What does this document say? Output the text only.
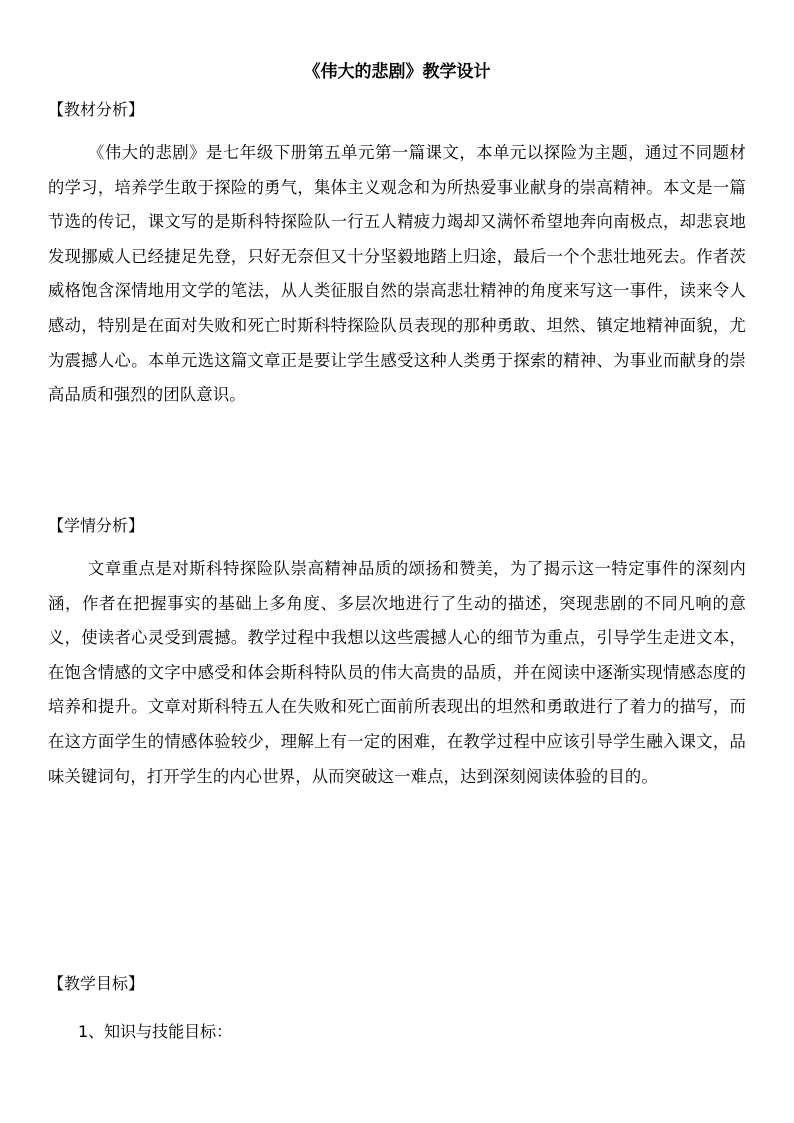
《伟大的悲剧》教学设计
【教材分析】
《伟大的悲剧》是七年级下册第五单元第一篇课文，本单元以探险为主题，通过不同题材的学习，培养学生敢于探险的勇气，集体主义观念和为所热爱事业献身的崇高精神。本文是一篇节选的传记，课文写的是斯科特探险队一行五人精疲力竭却又满怀希望地奔向南极点，却悲哀地发现挪威人已经捷足先登，只好无奈但又十分坚毅地踏上归途，最后一个个悲壮地死去。作者茨威格饱含深情地用文学的笔法，从人类征服自然的崇高悲壮精神的角度来写这一事件，读来令人感动，特别是在面对失败和死亡时斯科特探险队员表现的那种勇敢、坦然、镇定地精神面貌，尤为震撼人心。本单元选这篇文章正是要让学生感受这种人类勇于探索的精神、为事业而献身的崇高品质和强烈的团队意识。
【学情分析】
文章重点是对斯科特探险队崇高精神品质的颂扬和赞美，为了揭示这一特定事件的深刻内涵，作者在把握事实的基础上多角度、多层次地进行了生动的描述，突现悲剧的不同凡响的意义，使读者心灵受到震撼。教学过程中我想以这些震撼人心的细节为重点，引导学生走进文本，在饱含情感的文字中感受和体会斯科特队员的伟大高贵的品质，并在阅读中逐渐实现情感态度的培养和提升。文章对斯科特五人在失败和死亡面前所表现出的坦然和勇敢进行了着力的描写，而在这方面学生的情感体验较少，理解上有一定的困难，在教学过程中应该引导学生融入课文，品味关键词句，打开学生的内心世界，从而突破这一难点，达到深刻阅读体验的目的。
【教学目标】
1、知识与技能目标：
